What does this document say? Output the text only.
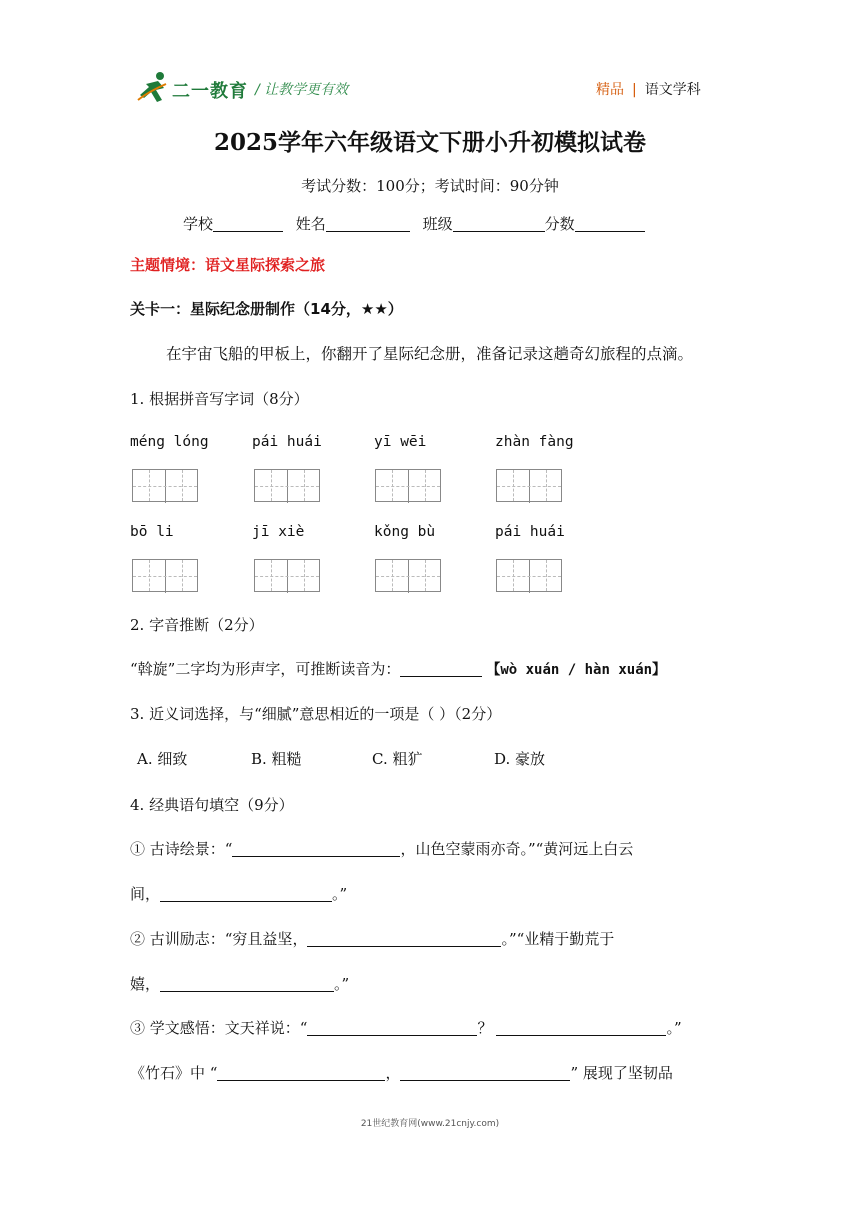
二一教育 / 让教学更有效	精品 | 语文学科
2025学年六年级语文下册小升初模拟试卷
考试分数：100分；考试时间：90分钟
学校	姓名	班级	分数
主题情境：语文星际探索之旅
关卡一：星际纪念册制作（14分，★★）
在宇宙飞船的甲板上，你翻开了星际纪念册，准备记录这趟奇幻旅程的点滴。
1. 根据拼音写字词（8分）
méng lóng	pái huái	yī wēi	zhàn fàng
bō li	jī xiè	kǒng bù	pái huái
2. 字音推断（2分）
“斡旋”二字均为形声字，可推断读音为：	【wò xuán / hàn xuán】
3. 近义词选择，与“细腻”意思相近的一项是（ ）（2分）
A. 细致	B. 粗糙	C. 粗犷	D. 豪放
4. 经典语句填空（9分）
① 古诗绘景：“	，山色空蒙雨亦奇。”“黄河远上白云
间，	。”
② 古训励志：“穷且益坚，	。”“业精于勤荒于
嬉，	。”
③ 学文感悟：文天祥说：“	？	。”
《竹石》中 “	，	” 展现了坚韧品
21世纪教育网(www.21cnjy.com)
